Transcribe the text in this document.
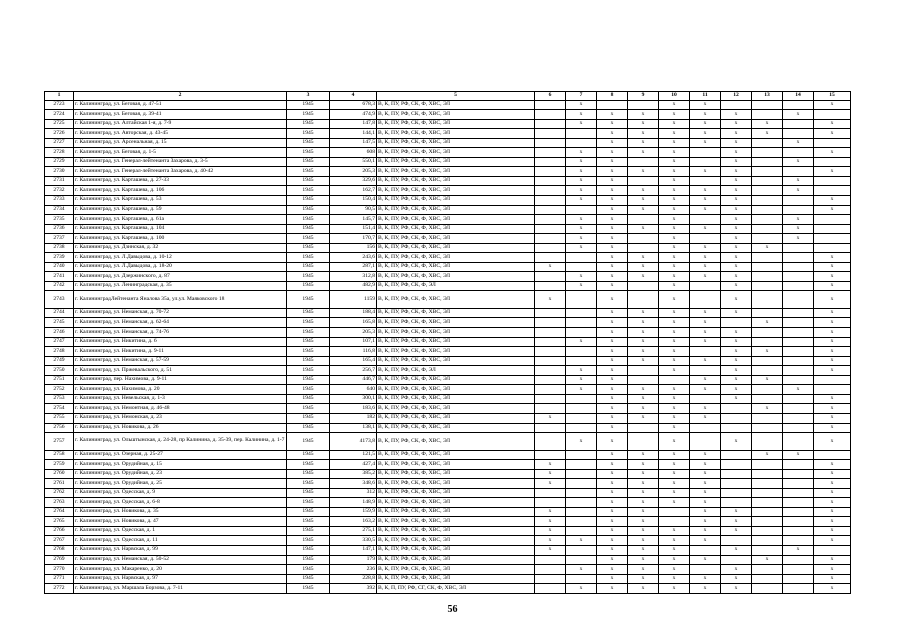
1	2	3	4	5	6	7	8	9	10	11	12	13	14	15
2723	г. Калининград, ул. Беговая, д. 47-51	1945	678,3	В, К, ПУ, РФ, СК, Ф, ХВС, ЭЛ		x			x	x				x
2724	г. Калининград, ул. Беговая, д. 39-41	1945	474,9	В, К, ПУ, РФ, СК, Ф, ХВС, ЭЛ		x	x	x	x	x	x		x	
2725	г. Калининград, ул. Алтайская 1-я, д. 7-9	1945	147,8	В, К, ПУ, РФ, СК, Ф, ХВС, ЭЛ		x	x	x	x	x	x	x		x
2726	г. Калининград, ул. Авторская, д. 43-45	1945	144,1	В, К, ПУ, РФ, СК, Ф, ХВС, ЭЛ			x	x	x	x	x	x		x
2727	г. Калининград, ул. Арсенальная, д. 15	1945	147,5	В, К, ПУ, РФ, СК, Ф, ХВС, ЭЛ			x	x	x	x	x		x	
2728	г. Калининград, ул. Беговая, д. 1-5	1945	608	В, К, ПУ, РФ, СК, Ф, ХВС, ЭЛ		x	x	x	x		x			x
2729	г. Калининград, ул. Генерал-лейтенанта Захарова, д. 3-5	1945	550,1	В, К, ПУ, РФ, СК, Ф, ХВС, ЭЛ		x	x		x		x		x	
2730	г. Калининград, ул. Генерал-лейтенанта Захарова, д. 40-42	1945	205,3	В, К, ПУ, РФ, СК, Ф, ХВС, ЭЛ		x	x	x	x	x	x			x
2731	г. Калининград, ул. Карташева, д. 27-33	1945	329,6	В, К, ПУ, РФ, СК, Ф, ХВС, ЭЛ		x	x		x		x		x	
2732	г. Калининград, ул. Карташева, д. 106	1945	162,7	В, К, ПУ, РФ, СК, Ф, ХВС, ЭЛ		x	x	x	x	x	x		x	
2733	г. Калининград, ул. Карташева, д. 53	1945	150,4	В, К, ПУ, РФ, СК, Ф, ХВС, ЭЛ		x	x	x	x	x	x			x
2734	г. Калининград, ул. Карташева, д. 59	1945	90,5	В, К, ПУ, РФ, СК, Ф, ХВС, ЭЛ			x	x	x	x	x			x
2735	г. Калининград, ул. Карташева, д. 61а	1945	145,7	В, К, ПУ, РФ, СК, Ф, ХВС, ЭЛ		x	x		x		x		x	
2736	г. Калининград, ул. Карташева, д. 104	1945	151,4	В, К, ПУ, РФ, СК, Ф, ХВС, ЭЛ		x	x	x	x	x	x		x	
2737	г. Калининград, ул. Карташева, д. 100	1945	170,7	В, К, ПУ, РФ, СК, Ф, ХВС, ЭЛ		x	x		x		x		x	
2738	г. Калининград, ул. Дзинская, д. 32	1945	156	В, К, ПУ, РФ, СК, Ф, ХВС, ЭЛ		x	x		x	x	x	x		
2739	г. Калининград, ул. Л.Давыдова, д. 10-12	1945	243,6	В, К, ПУ, РФ, СК, Ф, ХВС, ЭЛ			x	x	x	x	x			x
2740	г. Калининград, ул. Л.Давыдова, д. 18-20	1945	287,1	В, К, ПУ, РФ, СК, Ф, ХВС, ЭЛ	x		x	x	x	x	x			x
2741	г. Калининград, ул. Дзержинского, д. 87	1945	312,8	В, К, ПУ, РФ, СК, Ф, ХВС, ЭЛ		x	x	x	x	x	x			x
2742	г. Калининград, ул. Ленинградская, д. 35	1945	482,9	В, К, ПУ, РФ, СК, Ф, ЭЛ		x	x		x		x			x
2743	г. КалининградЛейтенанта Яналова 35а, ул.ул. Маяковского 18	1945	1159	В, К, ПУ, РФ, СК, Ф, ХВС, ЭЛ	x		x		x		x			x
2744	г. Калининград, ул. Неманская, д. 70-72	1945	188,4	В, К, ПУ, РФ, СК, Ф, ХВС, ЭЛ			x	x	x	x	x			x
2745	г. Калининград, ул. Неманская, д. 62-64	1945	165,8	В, К, ПУ, РФ, СК, Ф, ХВС, ЭЛ			x	x	x	x		x		x
2746	г. Калининград, ул. Неманская, д. 74-76	1945	205,3	В, К, ПУ, РФ, СК, Ф, ХВС, ЭЛ			x	x	x	x	x			x
2747	г. Калининград, ул. Никитина, д. 6	1945	107,1	В, К, ПУ, РФ, СК, Ф, ХВС, ЭЛ		x	x	x	x	x	x			x
2748	г. Калининград, ул. Никитина, д. 9-11	1945	116,8	В, К, ПУ, РФ, СК, Ф, ХВС, ЭЛ			x	x	x		x	x		x
2749	г. Калининград, ул. Неманская, д. 57-59	1945	165,4	В, К, ПУ, РФ, СК, Ф, ХВС, ЭЛ			x	x	x	x	x			x
2750	г. Калининград, ул. Пржевальского, д. 51	1945	256,7	В, К, ПУ, РФ, СК, Ф, ЭЛ		x	x		x		x			x
2751	г. Калининград, пер. Нахимова, д. 9-11	1945	446,7	В, К, ПУ, РФ, СК, Ф, ХВС, ЭЛ		x	x			x	x	x		
2752	г. Калининград, ул. Нахимова, д. 20	1945	640	В, К, ПУ, РФ, СК, Ф, ХВС, ЭЛ		x	x	x	x	x	x		x	
2753	г. Калининград, ул. Невельская, д. 1-3	1945	300,1	В, К, ПУ, РФ, СК, Ф, ХВС, ЭЛ			x	x	x		x			x
2754	г. Калининград, ул. Немонтная, д. 46-48	1945	183,6	В, К, ПУ, РФ, СК, Ф, ХВС, ЭЛ			x	x	x	x		x		x
2755	г. Калининград, ул. Немонская, д. 23	1945	182	В, К, ПУ, РФ, СК, Ф, ХВС, ЭЛ	x		x	x	x	x				x
2756	г. Калининград, ул. Новикова, д. 26	1945	138,1	В, К, ПУ, РФ, СК, Ф, ХВС, ЭЛ			x		x					x
2757	г. Калининград, ул. Ольштынская, д. 24-28, пр Калинина, д. 35-39, пер. Калинина, д. 1-7	1945	4173,8	В, К, ПУ, РФ, СК, Ф, ХВС, ЭЛ		x	x		x		x			x
2758	г. Калининград, ул. Озерная, д. 25-27	1945	121,5	В, К, ПУ, РФ, СК, Ф, ХВС, ЭЛ			x	x	x	x		x	x	
2759	г. Калининград, ул. Орудийная, д. 15	1945	427,4	В, К, ПУ, РФ, СК, Ф, ХВС, ЭЛ	x		x	x	x	x				x
2760	г. Калининград, ул. Орудийная, д. 23	1945	385,2	В, К, ПУ, РФ, СК, Ф, ХВС, ЭЛ	x		x	x	x	x				x
2761	г. Калининград, ул. Орудийная, д. 25	1945	348,6	В, К, ПУ, РФ, СК, Ф, ХВС, ЭЛ	x		x	x	x	x				x
2762	г. Калининград, ул. Одесская, д. 9	1945	312	В, К, ПУ, РФ, СК, Ф, ХВС, ЭЛ			x	x	x	x				x
2763	г. Калининград, ул. Одесская, д. 6-8	1945	148,9	В, К, ПУ, РФ, СК, Ф, ХВС, ЭЛ			x	x	x	x				x
2764	г. Калининград, ул. Новикова, д. 35	1945	159,9	В, К, ПУ, РФ, СК, Ф, ХВС, ЭЛ	x		x	x		x	x			x
2765	г. Калининград, ул. Новикова, д. 47	1945	163,2	В, К, ПУ, РФ, СК, Ф, ХВС, ЭЛ	x		x	x		x	x			x
2766	г. Калининград, ул. Одесская, д. 1	1945	275,1	В, К, ПУ, РФ, СК, Ф, ХВС, ЭЛ	x		x	x	x	x	x			x
2767	г. Калининград, ул. Одесская, д. 11	1945	330,5	В, К, ПУ, РФ, СК, Ф, ХВС, ЭЛ	x	x	x	x	x	x				x
2768	г. Калининград, ул. Нарвская, д. 99	1945	147,1	В, К, ПУ, РФ, СК, Ф, ХВС, ЭЛ	x		x	x	x		x		x	
2769	г. Калининград, ул. Неманская, д. 50-52	1945	179	В, К, ПУ, РФ, СК, Ф, ХВС, ЭЛ			x	x	x	x		x		x
2770	г. Калининград, ул. Макаренко, д. 20	1945	236	В, К, ПУ, РФ, СК, Ф, ХВС, ЭЛ		x	x	x	x		x			x
2771	г. Калининград, ул. Нарвская, д. 97	1945	228,8	В, К, ПУ, РФ, СК, Ф, ХВС, ЭЛ			x	x	x	x	x			x
2772	г. Калининград, ул. Маршала Борзова, д. 7-11	1945	392	В, К, П, ПУ, РФ, СГ, СК, Ф, ХВС, ЭЛ		x	x	x	x	x	x			x
56
